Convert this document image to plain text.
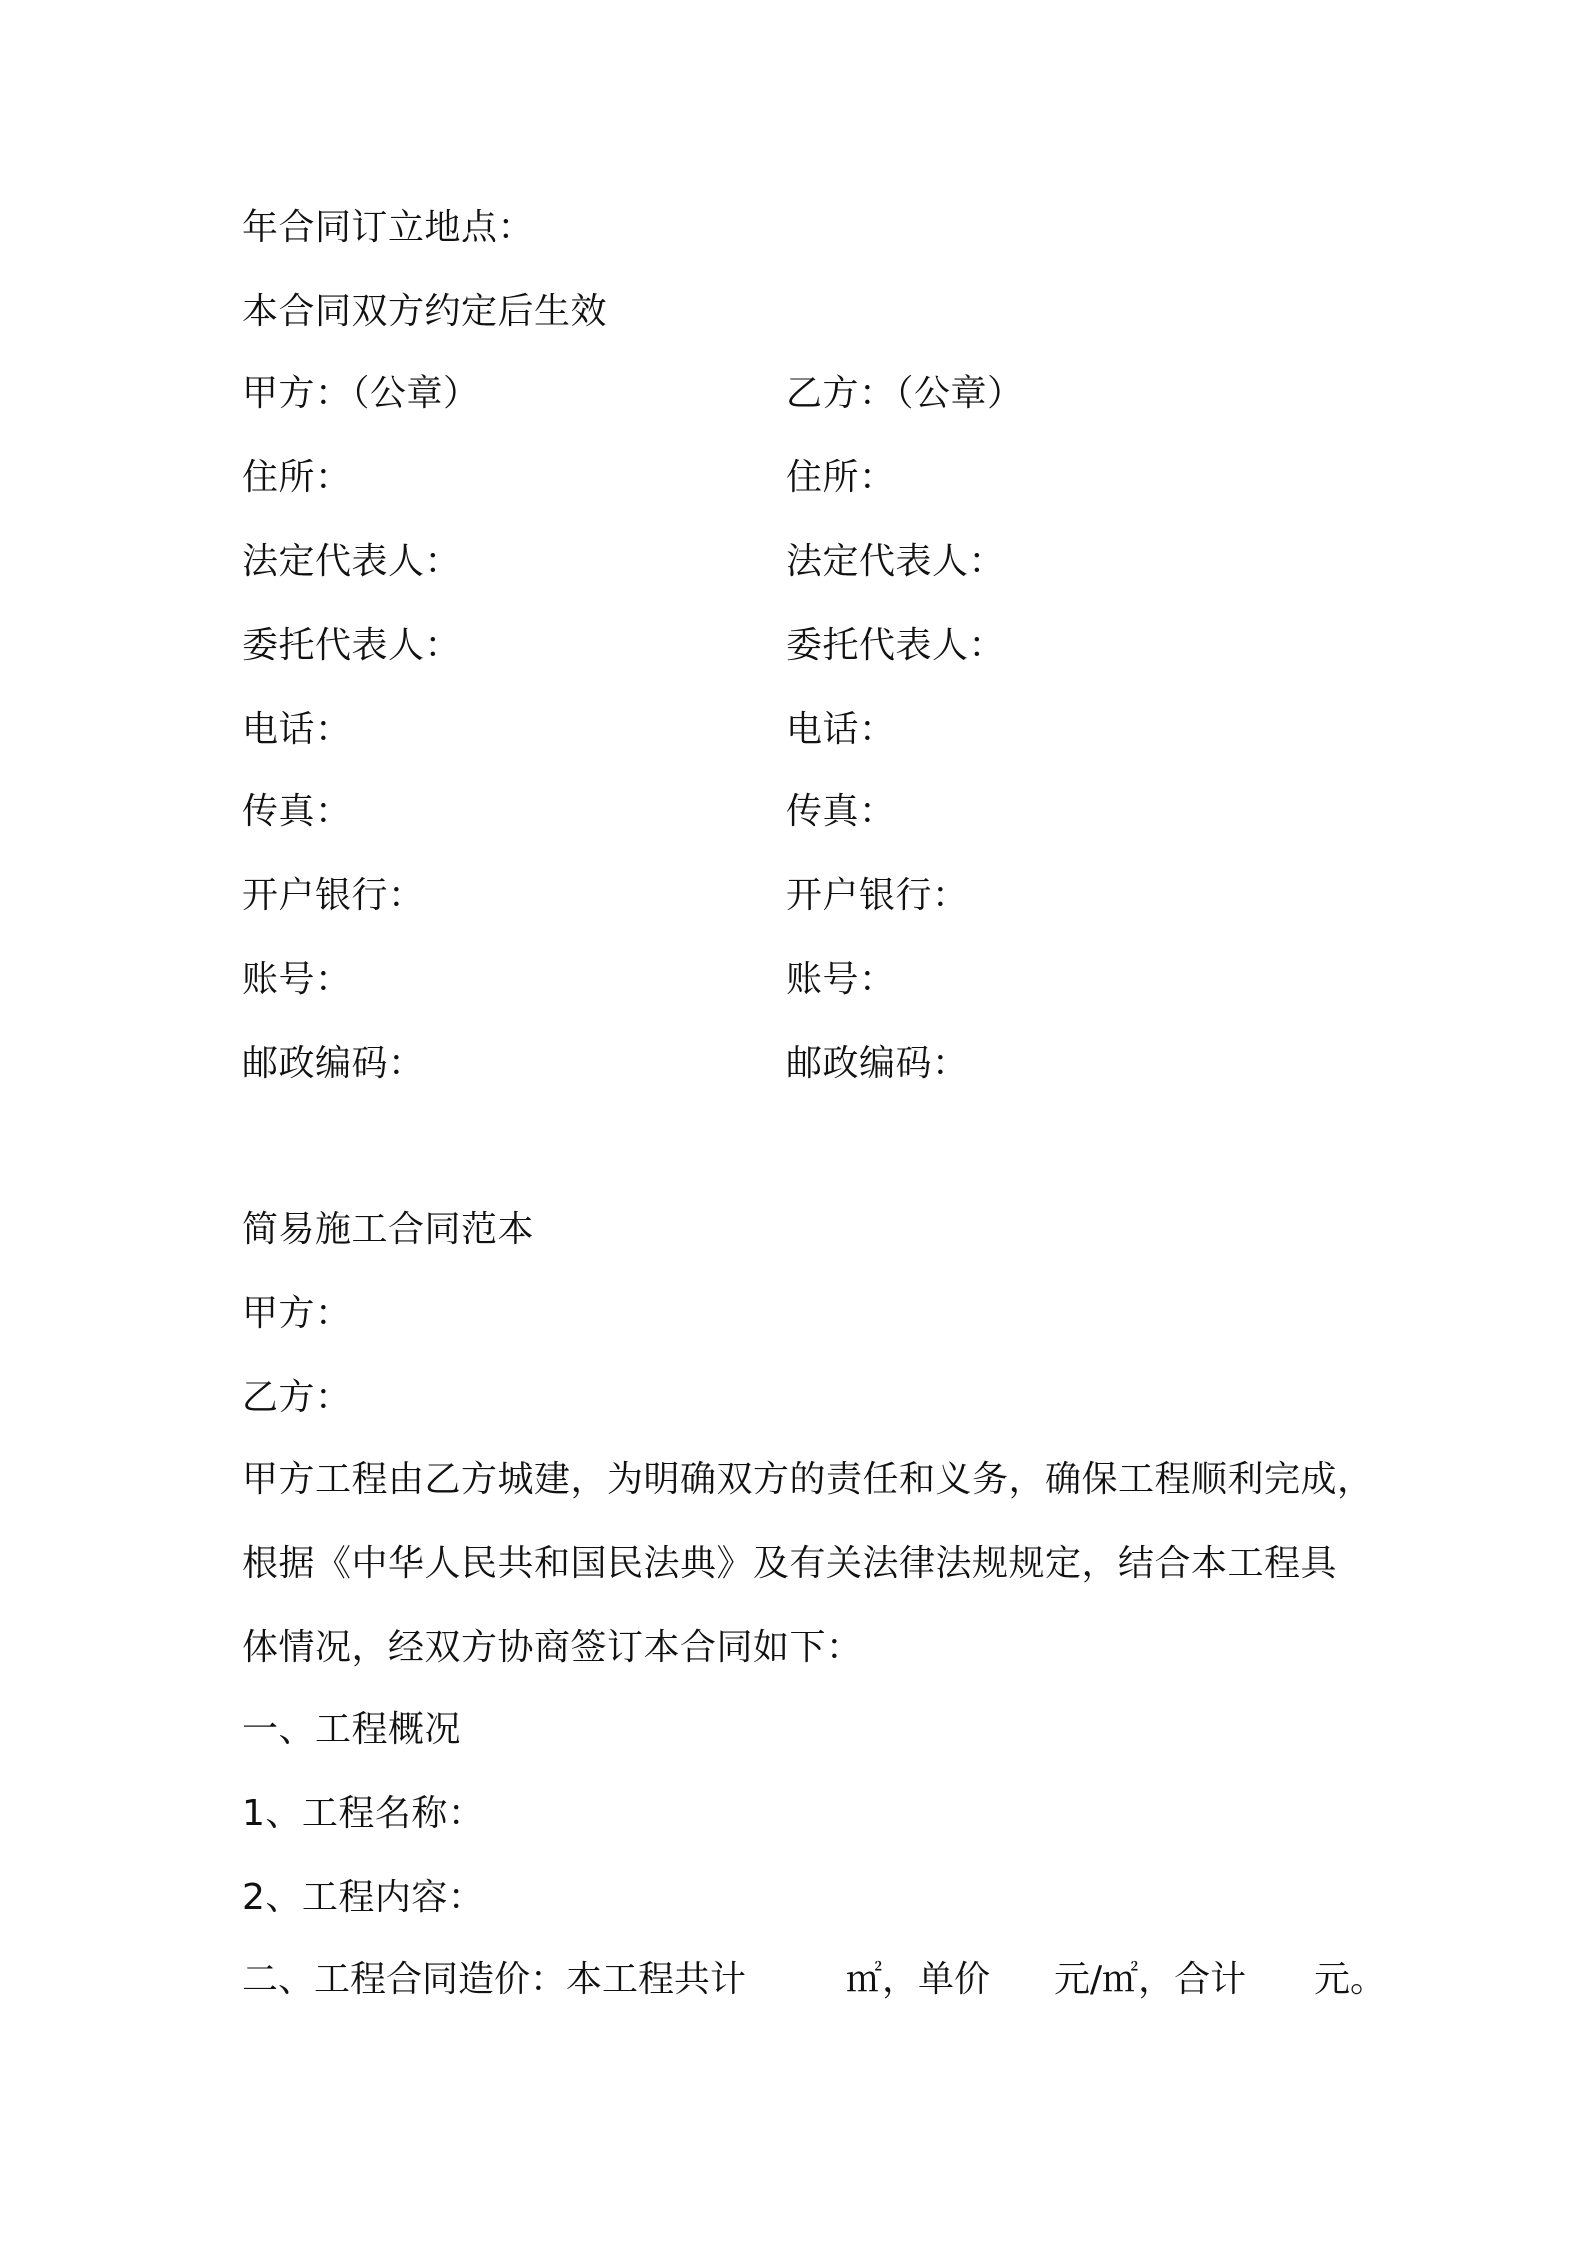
年合同订立地点：
本合同双方约定后生效
甲方：（公章）
住所：
法定代表人：
委托代表人：
电话：
传真：
开户银行：
账号：
邮政编码：
乙方：（公章）
住所：
法定代表人：
委托代表人：
电话：
传真：
开户银行：
账号：
邮政编码：
简易施工合同范本
甲方：
乙方：
甲方工程由乙方城建，为明确双方的责任和义务，确保工程顺利完成，
根据《中华人民共和国民法典》及有关法律法规规定，结合本工程具
体情况，经双方协商签订本合同如下：
一、工程概况
1、工程名称：
2、工程内容：
二、工程合同造价：本工程共计	㎡，单价 元/㎡，合计 元。
